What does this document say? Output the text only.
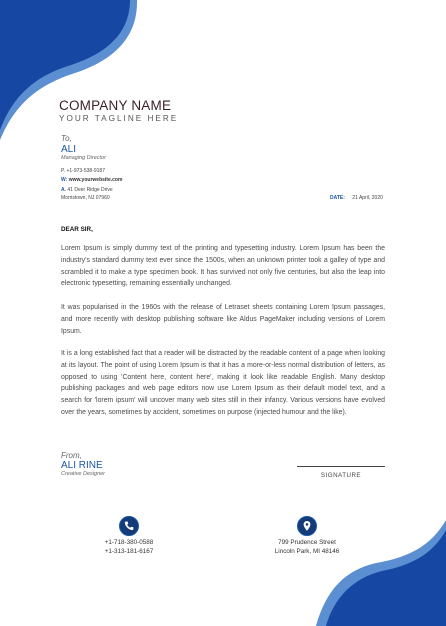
COMPANY NAME
YOUR TAGLINE HERE
To,
ALI
Managing Director
P. +1-973-538-9187
W: www.yourwebsite.com
A. 41 Deer Ridge Drive
Morristown, NJ 07960	DATE: 21 April, 2020
DEAR SIR,

Lorem Ipsum is simply dummy text of the printing and typesetting industry. Lorem Ipsum has been the industry's standard dummy text ever since the 1500s, when an unknown printer took a galley of type and scrambled it to make a type specimen book. It has survived not only five centuries, but also the leap into electronic typesetting, remaining essentially unchanged.

It was popularised in the 1960s with the release of Letraset sheets containing Lorem Ipsum passages, and more recently with desktop publishing software like Aldus PageMaker including versions of Lorem Ipsum.

It is a long established fact that a reader will be distracted by the readable content of a page when looking at its layout. The point of using Lorem Ipsum is that it has a more-or-less normal distribution of letters, as opposed to using 'Content here, content here', making it look like readable English. Many desktop publishing packages and web page editors now use Lorem Ipsum as their default model text, and a search for 'lorem ipsum' will uncover many web sites still in their infancy. Various versions have evolved over the years, sometimes by accident, sometimes on purpose (injected humour and the like).

From,
ALI RINE
Creative Designer	SIGNATURE
+1-718-380-0588
+1-313-181-6167
799 Prudence Street
Lincoln Park, MI 48146
